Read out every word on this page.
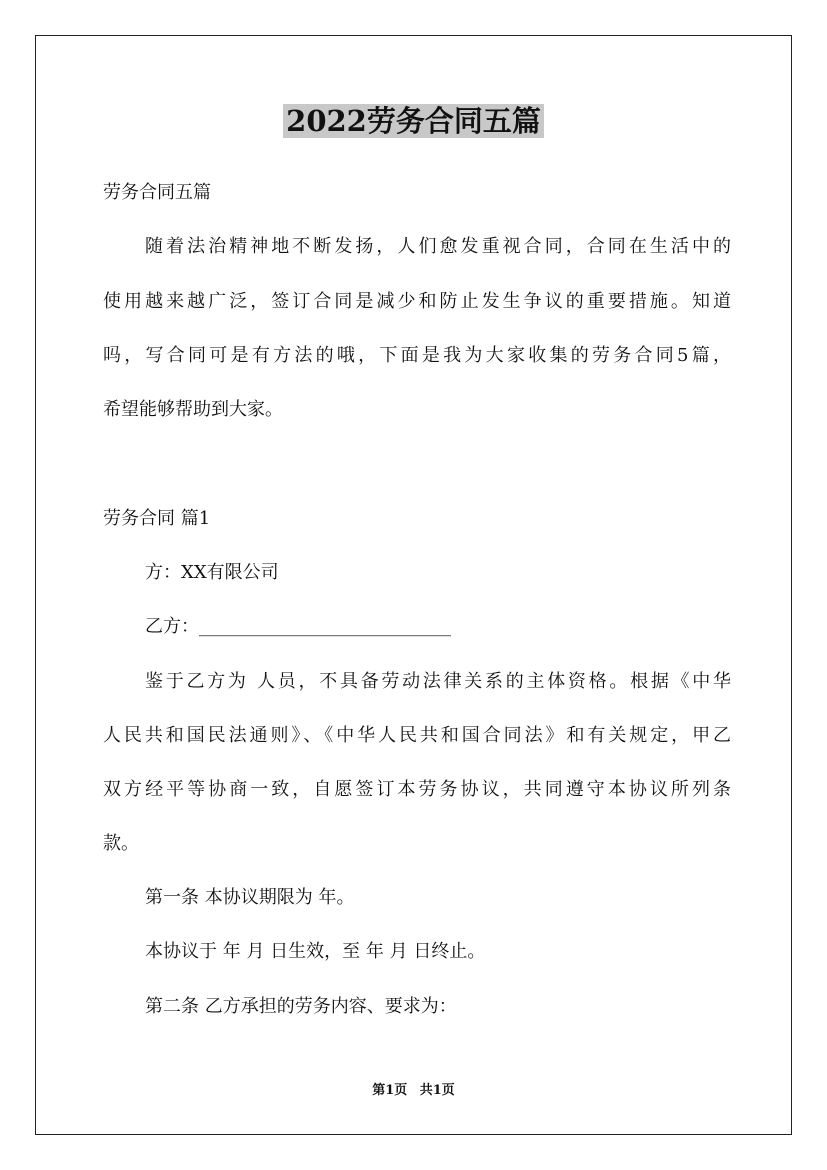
2022劳务合同五篇
劳务合同五篇
随着法治精神地不断发扬，人们愈发重视合同，合同在生活中的
使用越来越广泛，签订合同是减少和防止发生争议的重要措施。知道
吗，写合同可是有方法的哦，下面是我为大家收集的劳务合同5篇，
希望能够帮助到大家。
劳务合同 篇1
方：XX有限公司
乙方：____________________________
鉴于乙方为 人员，不具备劳动法律关系的主体资格。根据《中华
人民共和国民法通则》、《中华人民共和国合同法》和有关规定，甲乙
双方经平等协商一致，自愿签订本劳务协议，共同遵守本协议所列条
款。
第一条 本协议期限为 年。
本协议于 年 月 日生效，至 年 月 日终止。
第二条 乙方承担的劳务内容、要求为：
第1页 共1页
